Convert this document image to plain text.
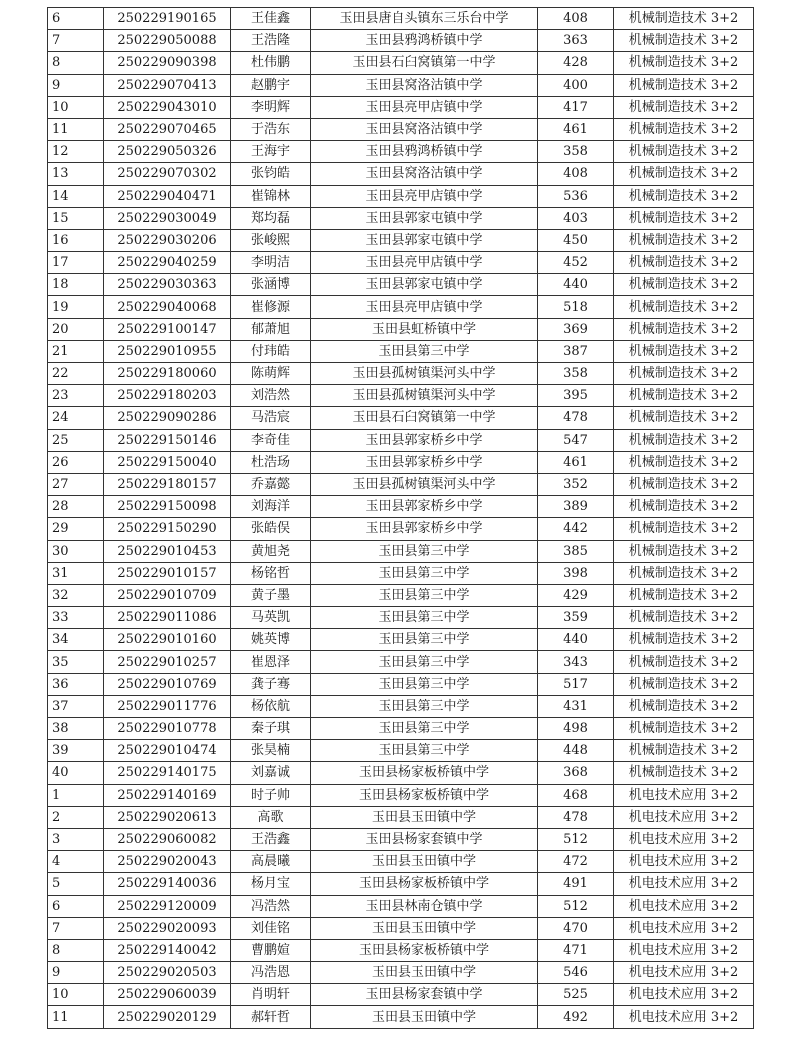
6	250229190165	王佳鑫	玉田县唐自头镇东三乐台中学	408	机械制造技术 3+2
7	250229050088	王浩隆	玉田县鸦鸿桥镇中学	363	机械制造技术 3+2
8	250229090398	杜伟鹏	玉田县石臼窝镇第一中学	428	机械制造技术 3+2
9	250229070413	赵鹏宇	玉田县窝洛沽镇中学	400	机械制造技术 3+2
10	250229043010	李明辉	玉田县亮甲店镇中学	417	机械制造技术 3+2
11	250229070465	于浩东	玉田县窝洛沽镇中学	461	机械制造技术 3+2
12	250229050326	王海宇	玉田县鸦鸿桥镇中学	358	机械制造技术 3+2
13	250229070302	张钧皓	玉田县窝洛沽镇中学	408	机械制造技术 3+2
14	250229040471	崔锦林	玉田县亮甲店镇中学	536	机械制造技术 3+2
15	250229030049	郑均磊	玉田县郭家屯镇中学	403	机械制造技术 3+2
16	250229030206	张峻熙	玉田县郭家屯镇中学	450	机械制造技术 3+2
17	250229040259	李明洁	玉田县亮甲店镇中学	452	机械制造技术 3+2
18	250229030363	张涵博	玉田县郭家屯镇中学	440	机械制造技术 3+2
19	250229040068	崔修源	玉田县亮甲店镇中学	518	机械制造技术 3+2
20	250229100147	郁萧旭	玉田县虹桥镇中学	369	机械制造技术 3+2
21	250229010955	付玮皓	玉田县第三中学	387	机械制造技术 3+2
22	250229180060	陈萌辉	玉田县孤树镇渠河头中学	358	机械制造技术 3+2
23	250229180203	刘浩然	玉田县孤树镇渠河头中学	395	机械制造技术 3+2
24	250229090286	马浩宸	玉田县石臼窝镇第一中学	478	机械制造技术 3+2
25	250229150146	李奇佳	玉田县郭家桥乡中学	547	机械制造技术 3+2
26	250229150040	杜浩玚	玉田县郭家桥乡中学	461	机械制造技术 3+2
27	250229180157	乔嘉懿	玉田县孤树镇渠河头中学	352	机械制造技术 3+2
28	250229150098	刘海洋	玉田县郭家桥乡中学	389	机械制造技术 3+2
29	250229150290	张皓俣	玉田县郭家桥乡中学	442	机械制造技术 3+2
30	250229010453	黄旭尧	玉田县第三中学	385	机械制造技术 3+2
31	250229010157	杨铭哲	玉田县第三中学	398	机械制造技术 3+2
32	250229010709	黄子墨	玉田县第三中学	429	机械制造技术 3+2
33	250229011086	马英凯	玉田县第三中学	359	机械制造技术 3+2
34	250229010160	姚英博	玉田县第三中学	440	机械制造技术 3+2
35	250229010257	崔恩泽	玉田县第三中学	343	机械制造技术 3+2
36	250229010769	龚子骞	玉田县第三中学	517	机械制造技术 3+2
37	250229011776	杨依航	玉田县第三中学	431	机械制造技术 3+2
38	250229010778	秦子琪	玉田县第三中学	498	机械制造技术 3+2
39	250229010474	张昊楠	玉田县第三中学	448	机械制造技术 3+2
40	250229140175	刘嘉诚	玉田县杨家板桥镇中学	368	机械制造技术 3+2
1	250229140169	时子帅	玉田县杨家板桥镇中学	468	机电技术应用 3+2
2	250229020613	高歌	玉田县玉田镇中学	478	机电技术应用 3+2
3	250229060082	王浩鑫	玉田县杨家套镇中学	512	机电技术应用 3+2
4	250229020043	高晨曦	玉田县玉田镇中学	472	机电技术应用 3+2
5	250229140036	杨月宝	玉田县杨家板桥镇中学	491	机电技术应用 3+2
6	250229120009	冯浩然	玉田县林南仓镇中学	512	机电技术应用 3+2
7	250229020093	刘佳铭	玉田县玉田镇中学	470	机电技术应用 3+2
8	250229140042	曹鹏媗	玉田县杨家板桥镇中学	471	机电技术应用 3+2
9	250229020503	冯浩恩	玉田县玉田镇中学	546	机电技术应用 3+2
10	250229060039	肖明轩	玉田县杨家套镇中学	525	机电技术应用 3+2
11	250229020129	郝轩哲	玉田县玉田镇中学	492	机电技术应用 3+2
